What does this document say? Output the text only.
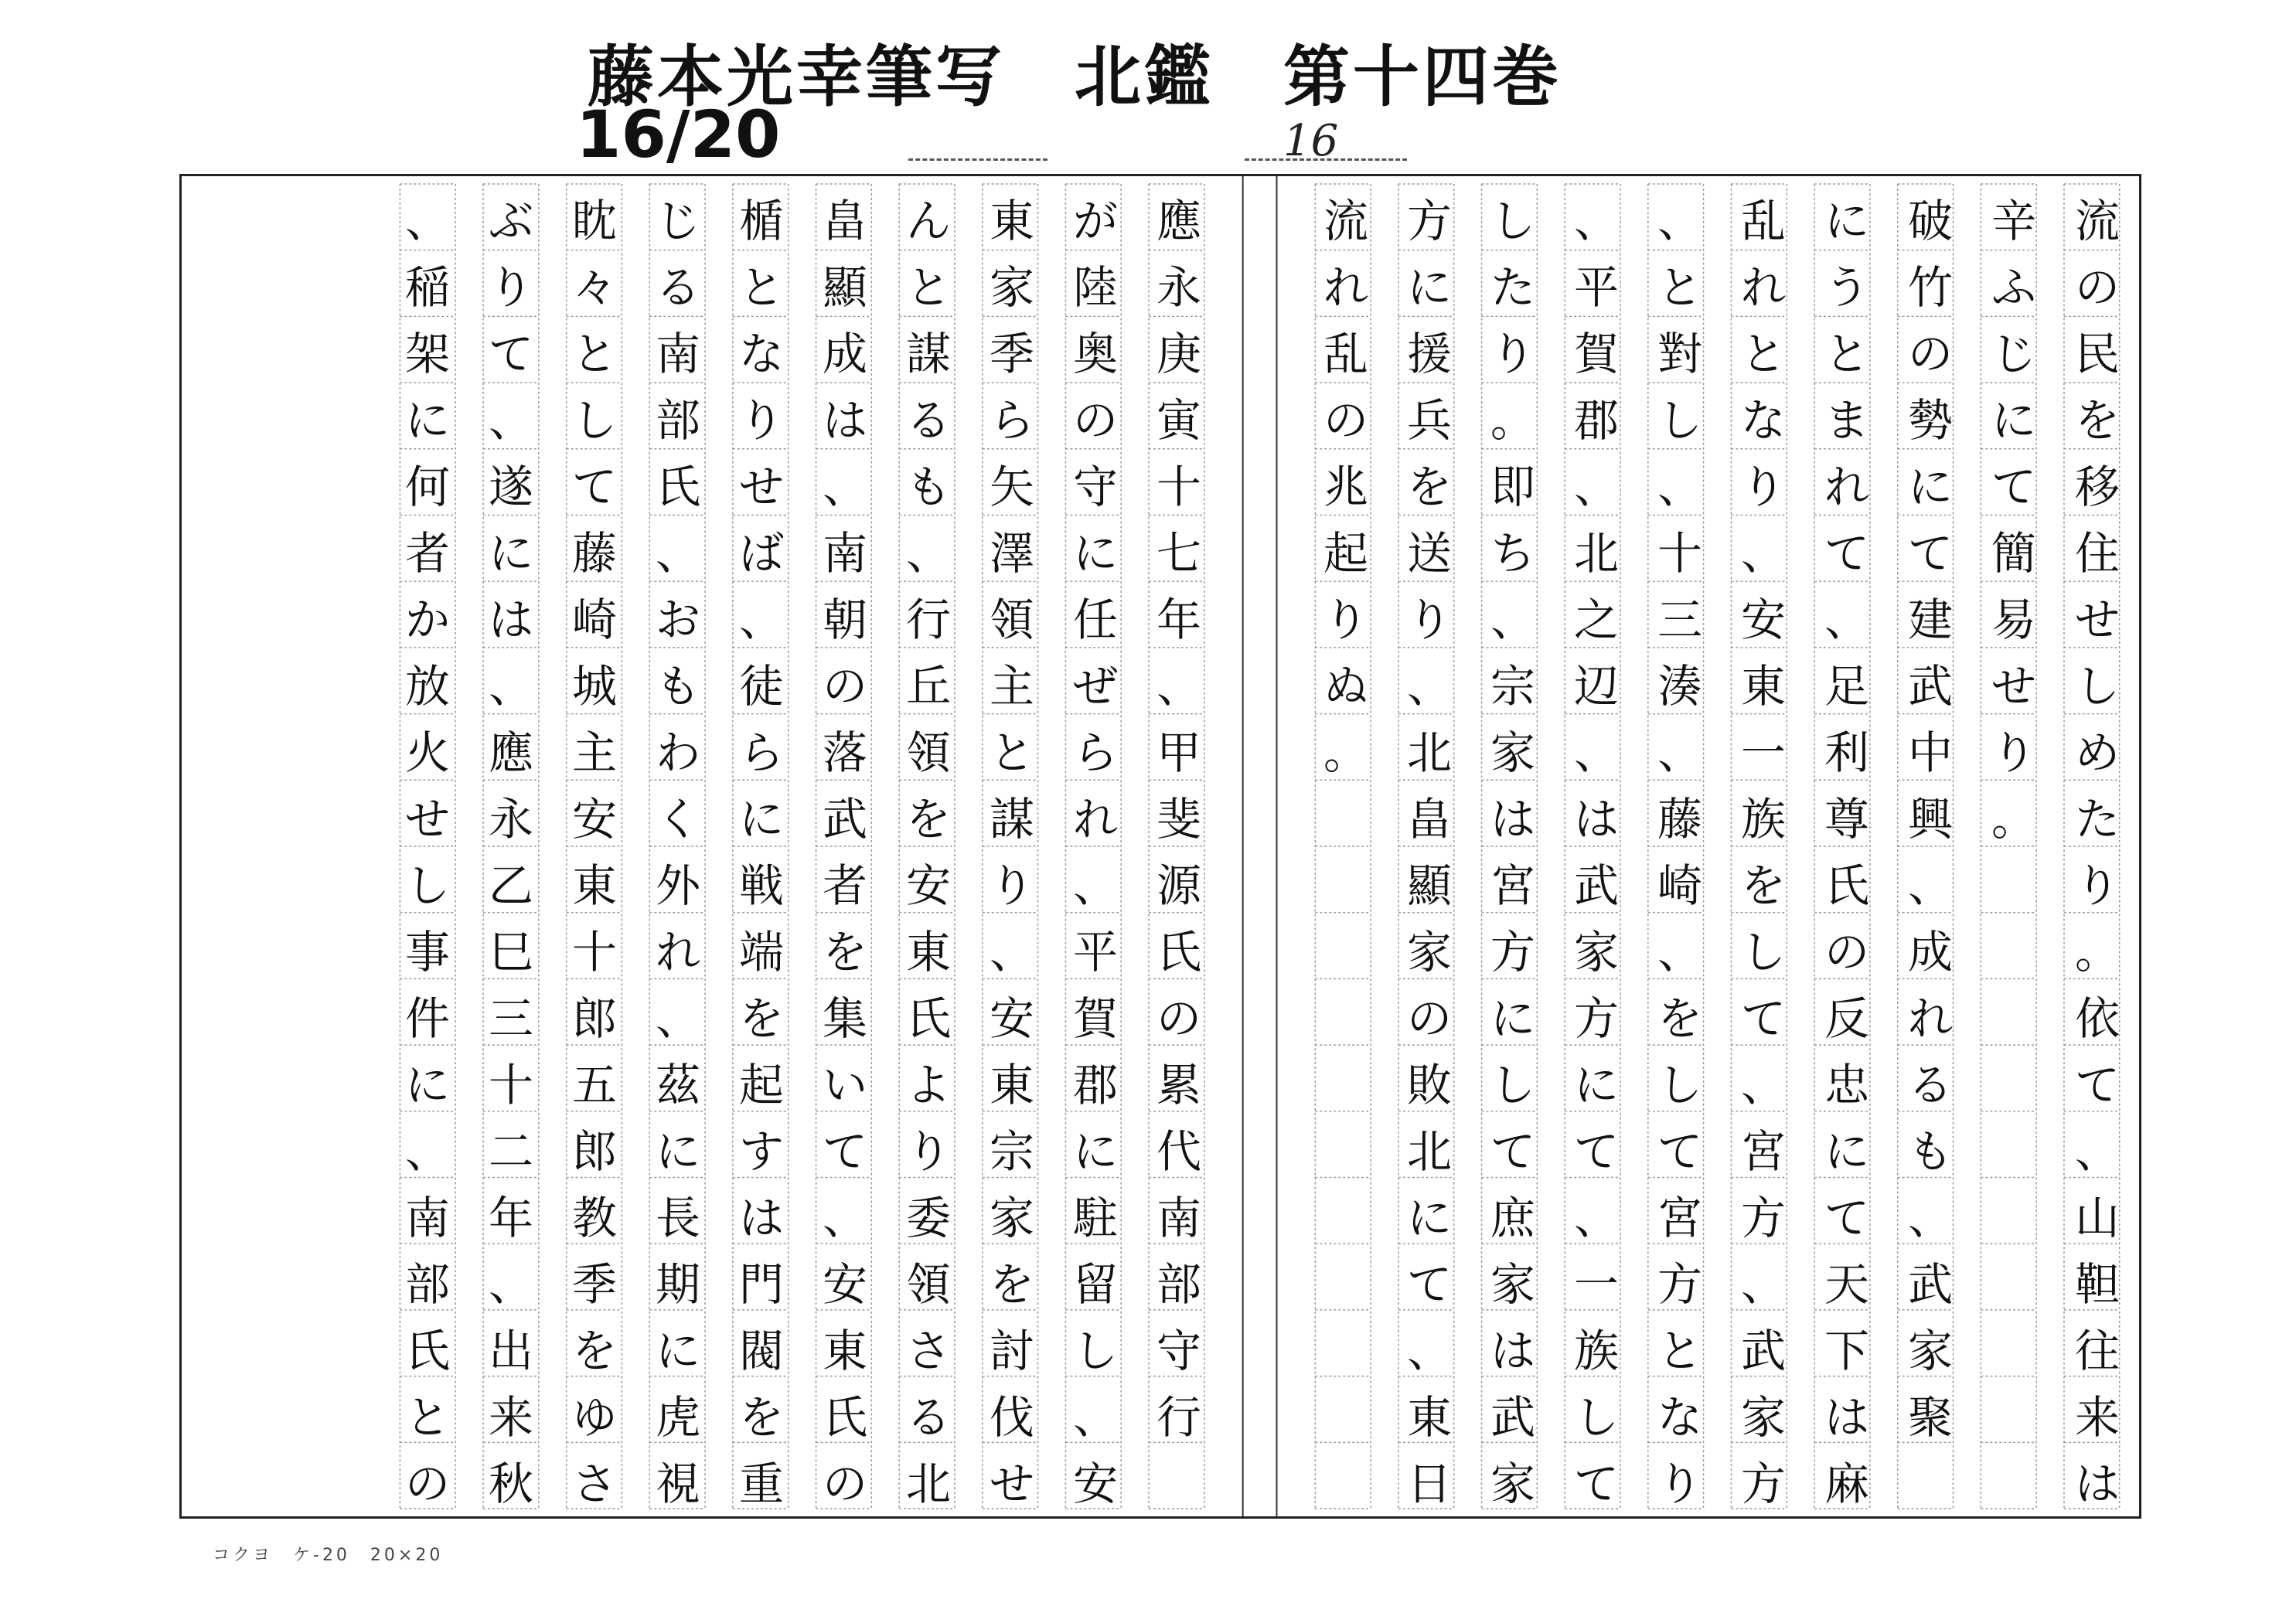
藤本光幸筆写　北鑑　第十四巻
16/20	16
流
の
民
を
移
住
せ
し
め
た
り
。
依
て
、
山
靼
往
来
は
辛
ふ
じ
に
て
簡
易
せ
り
。
破
竹
の
勢
に
て
建
武
中
興
、
成
れ
る
も
、
武
家
聚
に
う
と
ま
れ
て
、
足
利
尊
氏
の
反
忠
に
て
天
下
は
麻
乱
れ
と
な
り
、
安
東
一
族
を
し
て
、
宮
方
、
武
家
方
、
と
對
し
、
十
三
湊
、
藤
崎
、
を
し
て
宮
方
と
な
り
、
平
賀
郡
、
北
之
辺
、
は
武
家
方
に
て
、
一
族
し
て
し
た
り
。
即
ち
、
宗
家
は
宮
方
に
し
て
庶
家
は
武
家
方
に
援
兵
を
送
り
、
北
畠
顯
家
の
敗
北
に
て
、
東
日
流
れ
乱
の
兆
起
り
ぬ
。
應
永
庚
寅
十
七
年
、
甲
斐
源
氏
の
累
代
南
部
守
行
が
陸
奥
の
守
に
任
ぜ
ら
れ
、
平
賀
郡
に
駐
留
し
、
安
東
家
季
ら
矢
澤
領
主
と
謀
り
、
安
東
宗
家
を
討
伐
せ
ん
と
謀
る
も
、
行
丘
領
を
安
東
氏
よ
り
委
領
さ
る
北
畠
顯
成
は
、
南
朝
の
落
武
者
を
集
い
て
、
安
東
氏
の
楯
と
な
り
せ
ば
、
徒
ら
に
戦
端
を
起
す
は
門
閥
を
重
じ
る
南
部
氏
、
お
も
わ
く
外
れ
、
茲
に
長
期
に
虎
視
眈
々
と
し
て
藤
崎
城
主
安
東
十
郎
五
郎
教
季
を
ゆ
さ
ぶ
り
て
、
遂
に
は
、
應
永
乙
巳
三
十
二
年
、
出
来
秋
、
稲
架
に
何
者
か
放
火
せ
し
事
件
に
、
南
部
氏
と
の
コクヨ　ケ-20　20×20
